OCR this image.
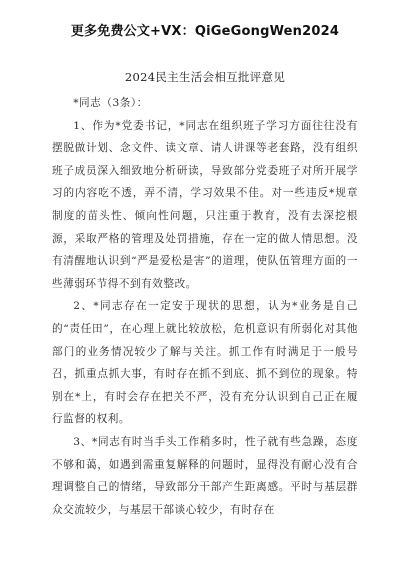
更多免费公文+VX：QiGeGongWen2024
2024民主生活会相互批评意见

*同志（3条）：

1、作为*党委书记，*同志在组织班子学习方面往往没有摆脱做计划、念文件、读文章、请人讲课等老套路，没有组织班子成员深入细致地分析研读，导致部分党委班子对所开展学习的内容吃不透，弄不清，学习效果不佳。对一些违反*规章制度的苗头性、倾向性问题，只注重于教育，没有去深挖根源，采取严格的管理及处罚措施，存在一定的做人情思想。没有清醒地认识到“严是爱松是害”的道理，使队伍管理方面的一些薄弱环节得不到有效整改。

2、*同志存在一定安于现状的思想，认为*业务是自己的“责任田”，在心理上就比较放松，危机意识有所弱化对其他部门的业务情况较少了解与关注。抓工作有时满足于一般号召，抓重点抓大事，有时存在抓不到底、抓不到位的现象。特别在*上，有时会存在把关不严，没有充分认识到自己正在履行监督的权利。

3、*同志有时当手头工作稍多时，性子就有些急躁，态度不够和蔼，如遇到需重复解释的问题时，显得没有耐心没有合理调整自己的情绪，导致部分干部产生距离感。平时与基层群众交流较少，与基层干部谈心较少，有时存在
